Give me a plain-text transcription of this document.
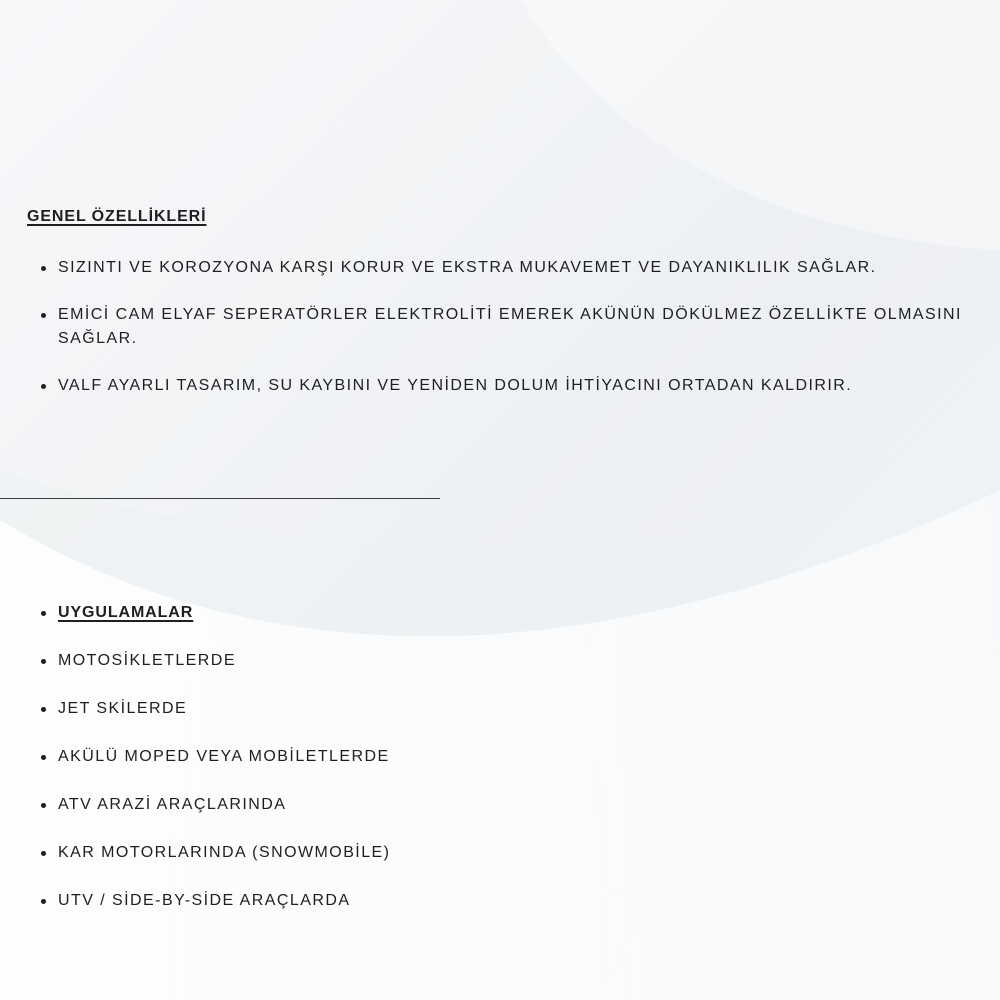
GENEL ÖZELLİKLERİ
SIZINTI VE KOROZYONA KARŞI KORUR VE EKSTRA MUKAVEMET VE DAYANIKLILIK SAĞLAR.
EMİCİ CAM ELYAF SEPERATÖRLER ELEKTROLİTİ EMEREK AKÜNÜN DÖKÜLMEZ ÖZELLİKTE OLMASINI SAĞLAR.
VALF AYARLI TASARIM, SU KAYBINI VE YENİDEN DOLUM İHTİYACINI ORTADAN KALDIRIR.
UYGULAMALAR
MOTOSİKLETLERDE
JET SKİLERDE
AKÜLÜ MOPED VEYA MOBİLETLERDE
ATV ARAZİ ARAÇLARINDA
KAR MOTORLARINDA (SNOWMOBİLE)
UTV / SİDE-BY-SİDE ARAÇLARDA
